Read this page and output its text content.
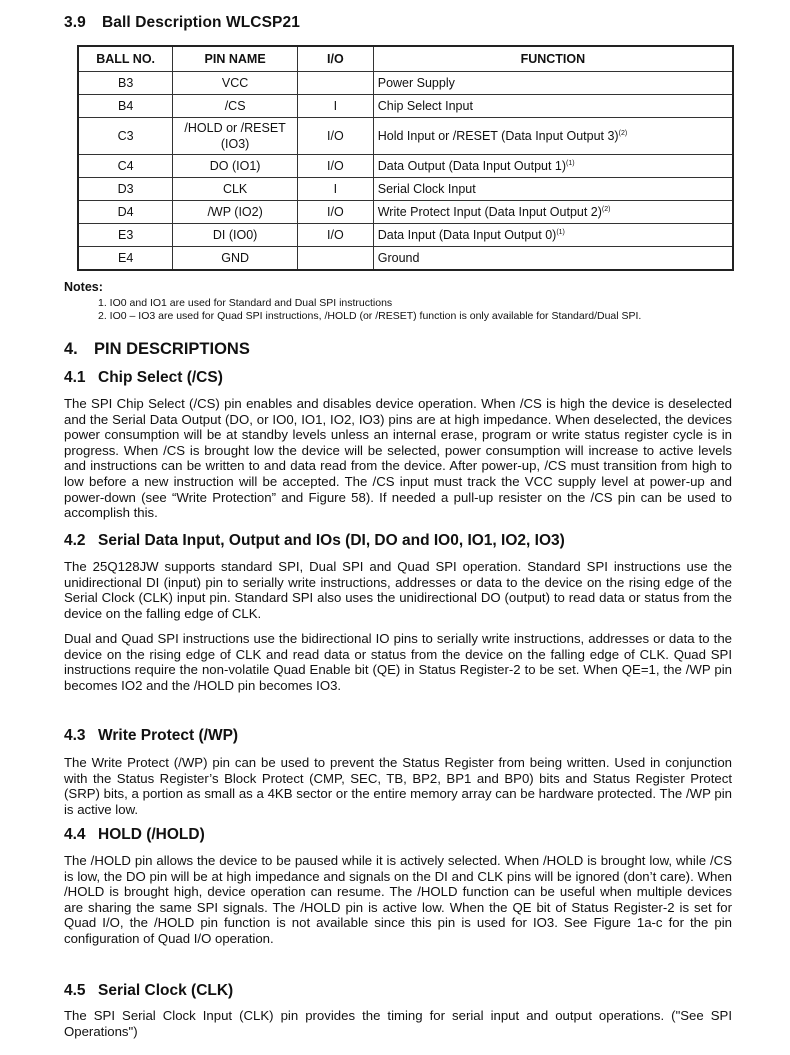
3.9 Ball Description WLCSP21
BALL NO.	PIN NAME	I/O	FUNCTION
B3	VCC		Power Supply
B4	/CS	I	Chip Select Input
C3	/HOLD or /RESET (IO3)	I/O	Hold Input or /RESET (Data Input Output 3)$^{(2)}$
C4	DO (IO1)	I/O	Data Output (Data Input Output 1)$^{(1)}$
D3	CLK	I	Serial Clock Input
D4	/WP (IO2)	I/O	Write Protect Input (Data Input Output 2)$^{(2)}$
E3	DI (IO0)	I/O	Data Input (Data Input Output 0)$^{(1)}$
E4	GND		Ground
Notes:
1. IO0 and IO1 are used for Standard and Dual SPI instructions
2. IO0 – IO3 are used for Quad SPI instructions, /HOLD (or /RESET) function is only available for Standard/Dual SPI.
4. PIN DESCRIPTIONS
4.1 Chip Select (/CS)

The SPI Chip Select (/CS) pin enables and disables device operation. When /CS is high the device is deselected and the Serial Data Output (DO, or IO0, IO1, IO2, IO3) pins are at high impedance. When deselected, the devices power consumption will be at standby levels unless an internal erase, program or write status register cycle is in progress. When /CS is brought low the device will be selected, power consumption will increase to active levels and instructions can be written to and data read from the device. After power-up, /CS must transition from high to low before a new instruction will be accepted. The /CS input must track the VCC supply level at power-up and power-down (see “Write Protection” and Figure 58). If needed a pull-up resister on the /CS pin can be used to accomplish this.

4.2 Serial Data Input, Output and IOs (DI, DO and IO0, IO1, IO2, IO3)

The 25Q128JW supports standard SPI, Dual SPI and Quad SPI operation. Standard SPI instructions use the unidirectional DI (input) pin to serially write instructions, addresses or data to the device on the rising edge of the Serial Clock (CLK) input pin. Standard SPI also uses the unidirectional DO (output) to read data or status from the device on the falling edge of CLK.

Dual and Quad SPI instructions use the bidirectional IO pins to serially write instructions, addresses or data to the device on the rising edge of CLK and read data or status from the device on the falling edge of CLK. Quad SPI instructions require the non-volatile Quad Enable bit (QE) in Status Register-2 to be set. When QE=1, the /WP pin becomes IO2 and the /HOLD pin becomes IO3.

4.3 Write Protect (/WP)

The Write Protect (/WP) pin can be used to prevent the Status Register from being written. Used in conjunction with the Status Register’s Block Protect (CMP, SEC, TB, BP2, BP1 and BP0) bits and Status Register Protect (SRP) bits, a portion as small as a 4KB sector or the entire memory array can be hardware protected. The /WP pin is active low.

4.4 HOLD (/HOLD)

The /HOLD pin allows the device to be paused while it is actively selected. When /HOLD is brought low, while /CS is low, the DO pin will be at high impedance and signals on the DI and CLK pins will be ignored (don’t care). When /HOLD is brought high, device operation can resume. The /HOLD function can be useful when multiple devices are sharing the same SPI signals. The /HOLD pin is active low. When the QE bit of Status Register-2 is set for Quad I/O, the /HOLD pin function is not available since this pin is used for IO3. See Figure 1a-c for the pin configuration of Quad I/O operation.

4.5 Serial Clock (CLK)

The SPI Serial Clock Input (CLK) pin provides the timing for serial input and output operations. ("See SPI Operations")
